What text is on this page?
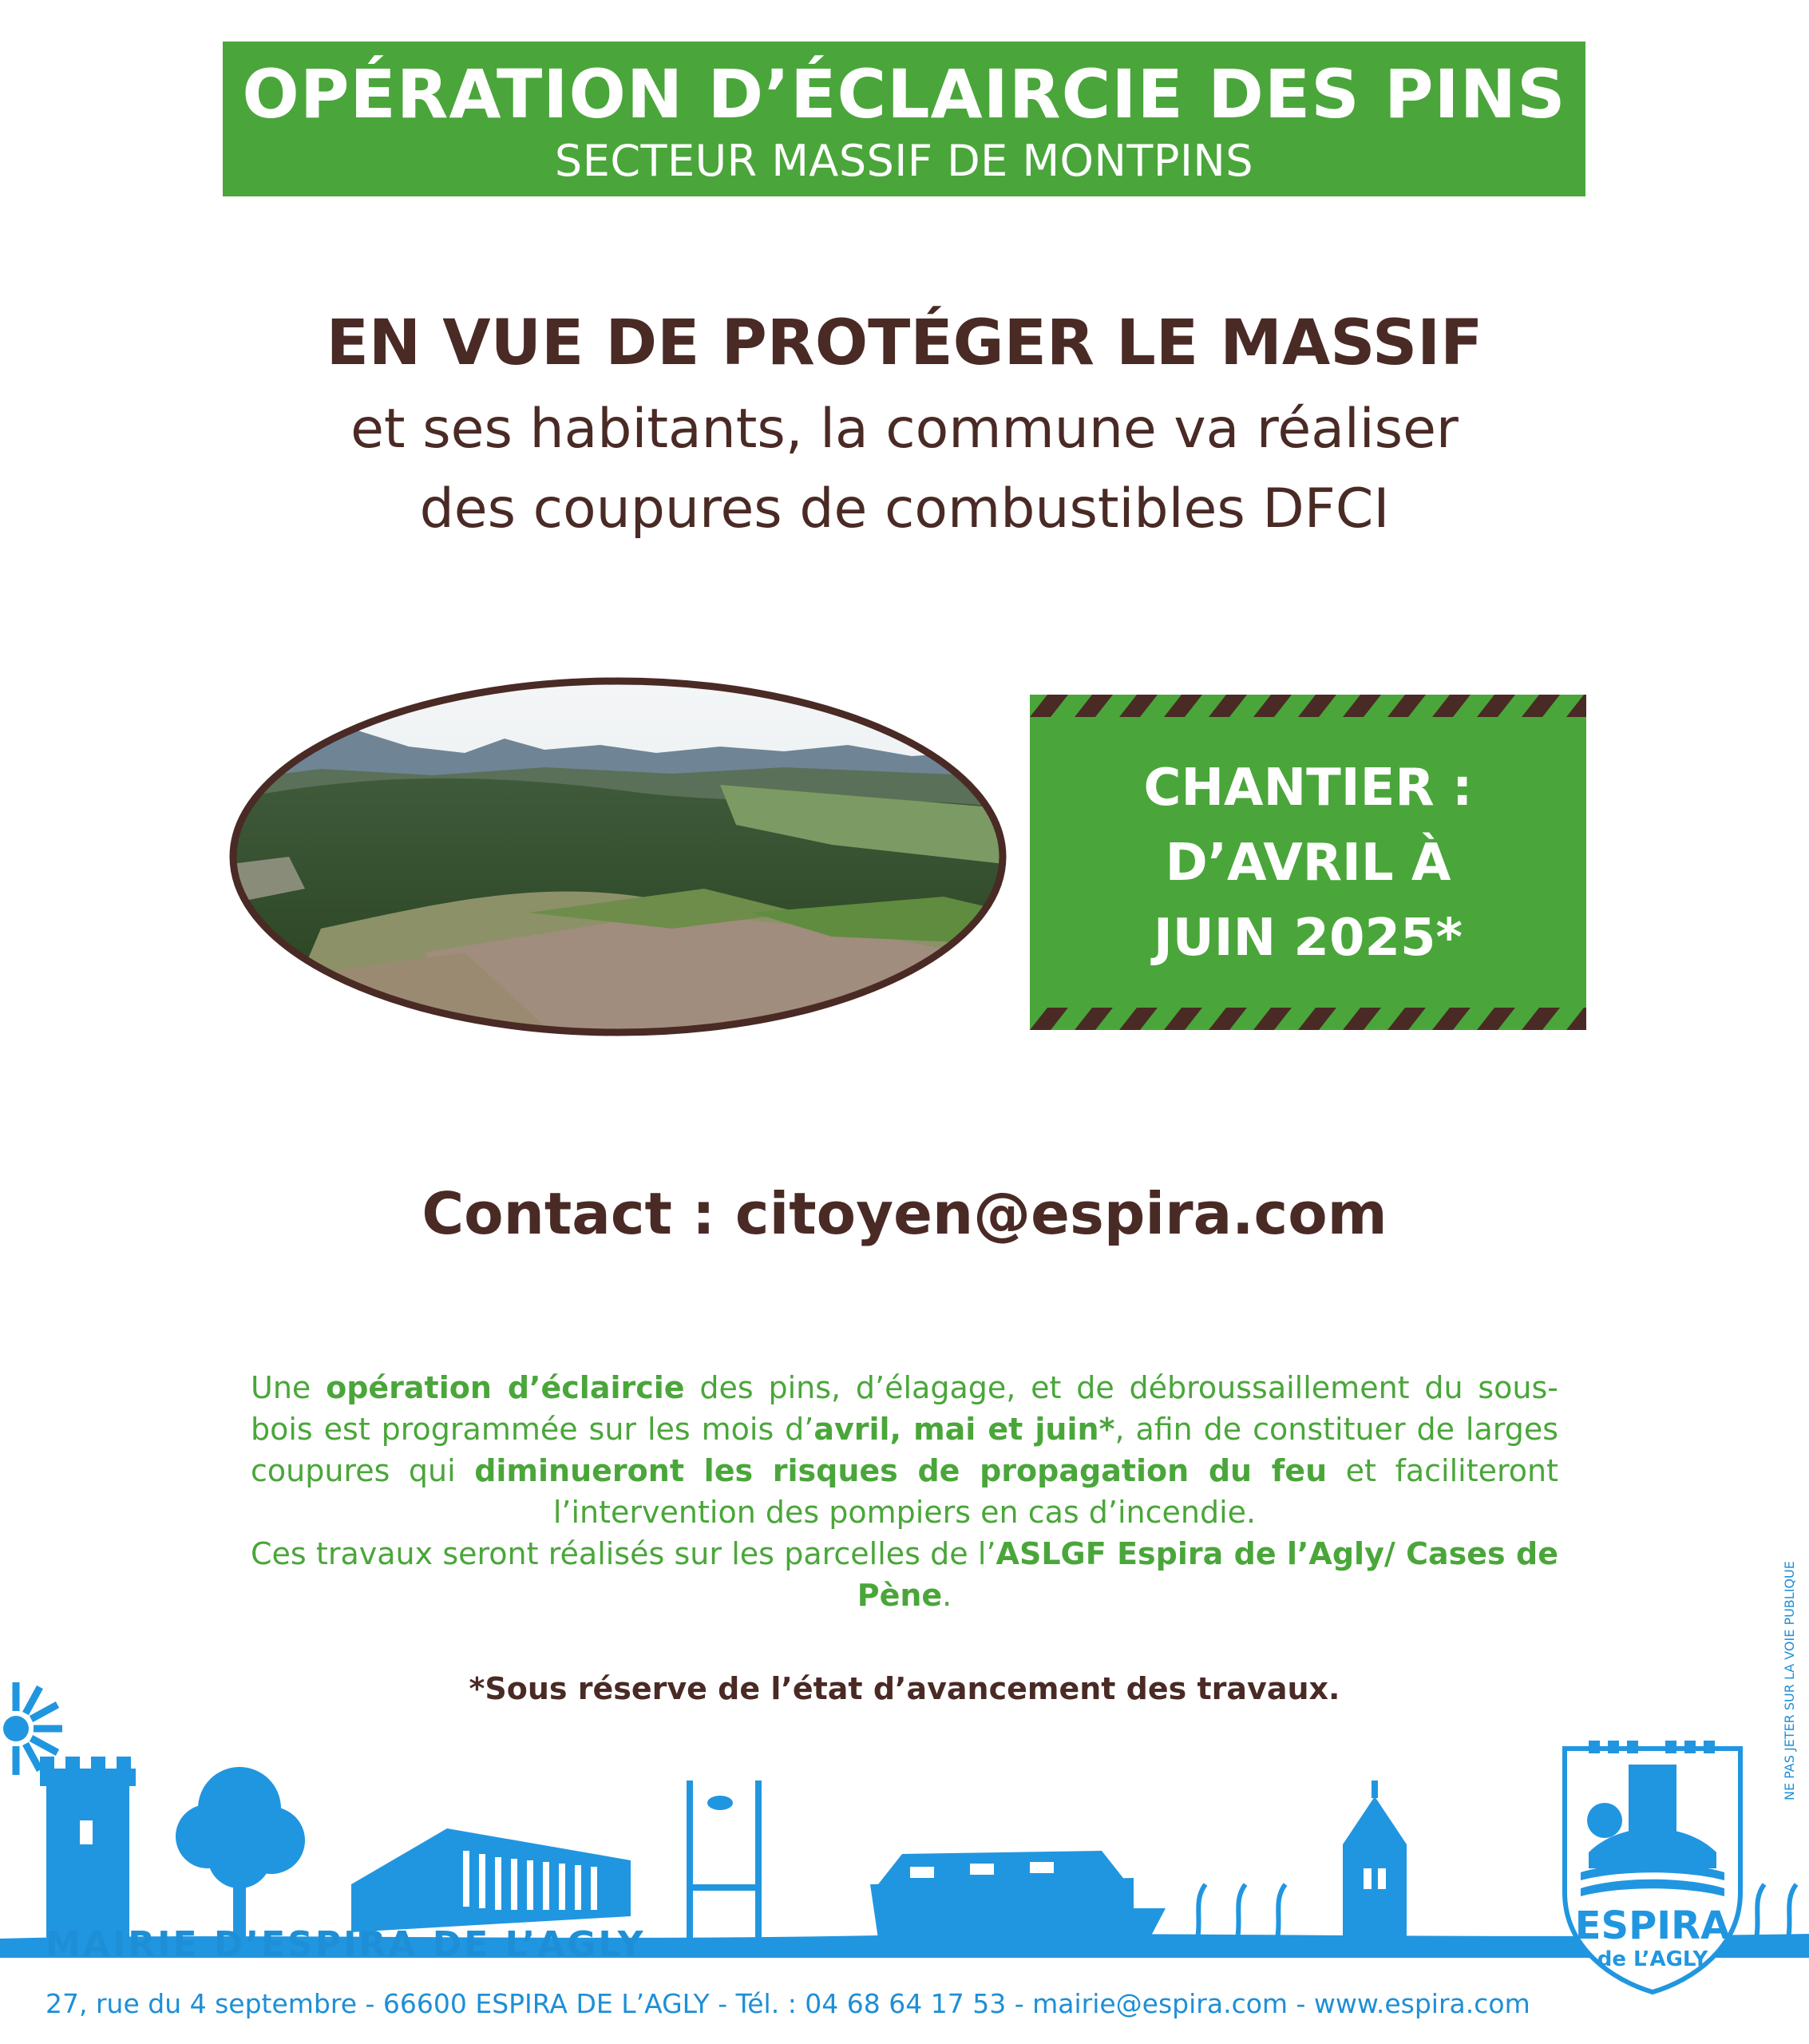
OPÉRATION D’ÉCLAIRCIE DES PINS
SECTEUR MASSIF DE MONTPINS
EN VUE DE PROTÉGER LE MASSIF
et ses habitants, la commune va réaliser
des coupures de combustibles DFCI
CHANTIER :
D’AVRIL À
JUIN 2025*
Contact : citoyen@espira.com

Une opération d’éclaircie des pins, d’élagage, et de débroussaillement du sous-bois est programmée sur les mois d’avril, mai et juin*, afin de constituer de larges coupures qui diminueront les risques de propagation du feu et faciliteront l’intervention des pompiers en cas d’incendie.

Ces travaux seront réalisés sur les parcelles de l’ASLGF Espira de l’Agly/ Cases de Pène.

*Sous réserve de l’état d’avancement des travaux.	NE PAS JETER SUR LA VOIE PUBLIQUE
ESPIRA
de L’AGLY
MAIRIE D’ESPIRA DE L’AGLY
27, rue du 4 septembre - 66600 ESPIRA DE L’AGLY - Tél. : 04 68 64 17 53 - mairie@espira.com - www.espira.com
